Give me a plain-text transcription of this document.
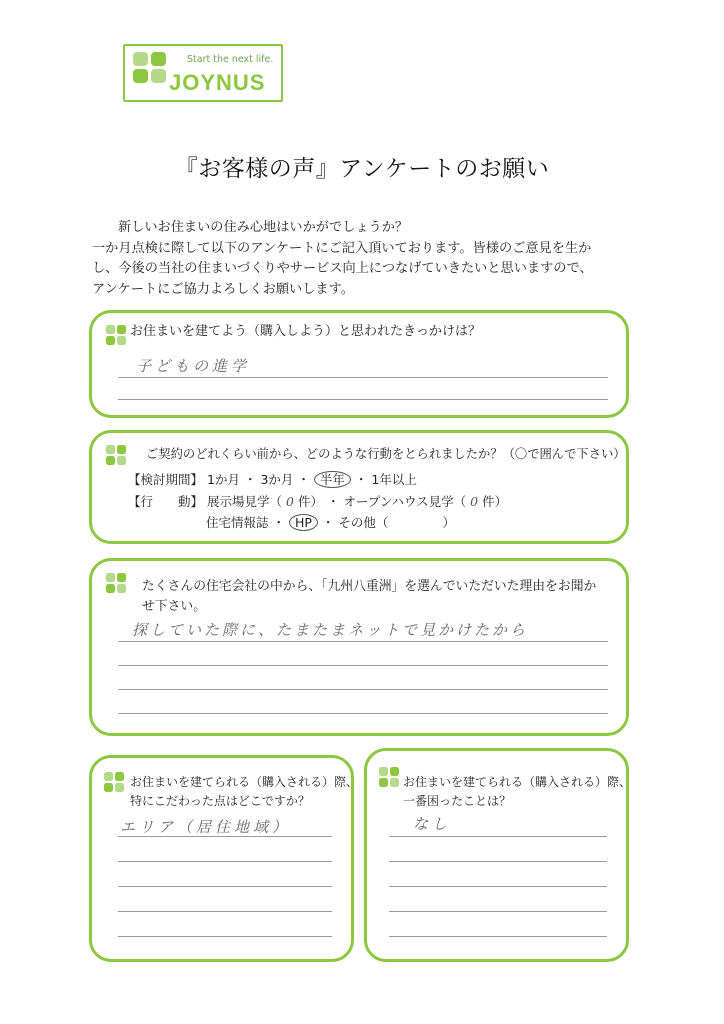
Start the next life.
JOYNUS
『お客様の声』アンケートのお願い
新しいお住まいの住み心地はいかがでしょうか？
一か月点検に際して以下のアンケートにご記入頂いております。皆様のご意見を生か
し、今後の当社の住まいづくりやサービス向上につなげていきたいと思いますので、
アンケートにご協力よろしくお願いします。
お住まいを建てよう（購入しよう）と思われたきっかけは？
子どもの進学
ご契約のどれくらい前から、どのような行動をとられましたか？（〇で囲んで下さい）
【検討期間】 1か月 ・ 3か月 ・ 半年 ・ 1年以上
【行　　動】 展示場見学（ 0 件） ・ オープンハウス見学（ 0 件）
住宅情報誌 ・ HP ・ その他（	）
たくさんの住宅会社の中から、「九州八重洲」を選んでいただいた理由をお聞か
せ下さい。
探していた際に、たまたまネットで見かけたから
お住まいを建てられる（購入される）際、
特にこだわった点はどこですか？
エリア（居住地域）
お住まいを建てられる（購入される）際、
一番困ったことは？
なし
